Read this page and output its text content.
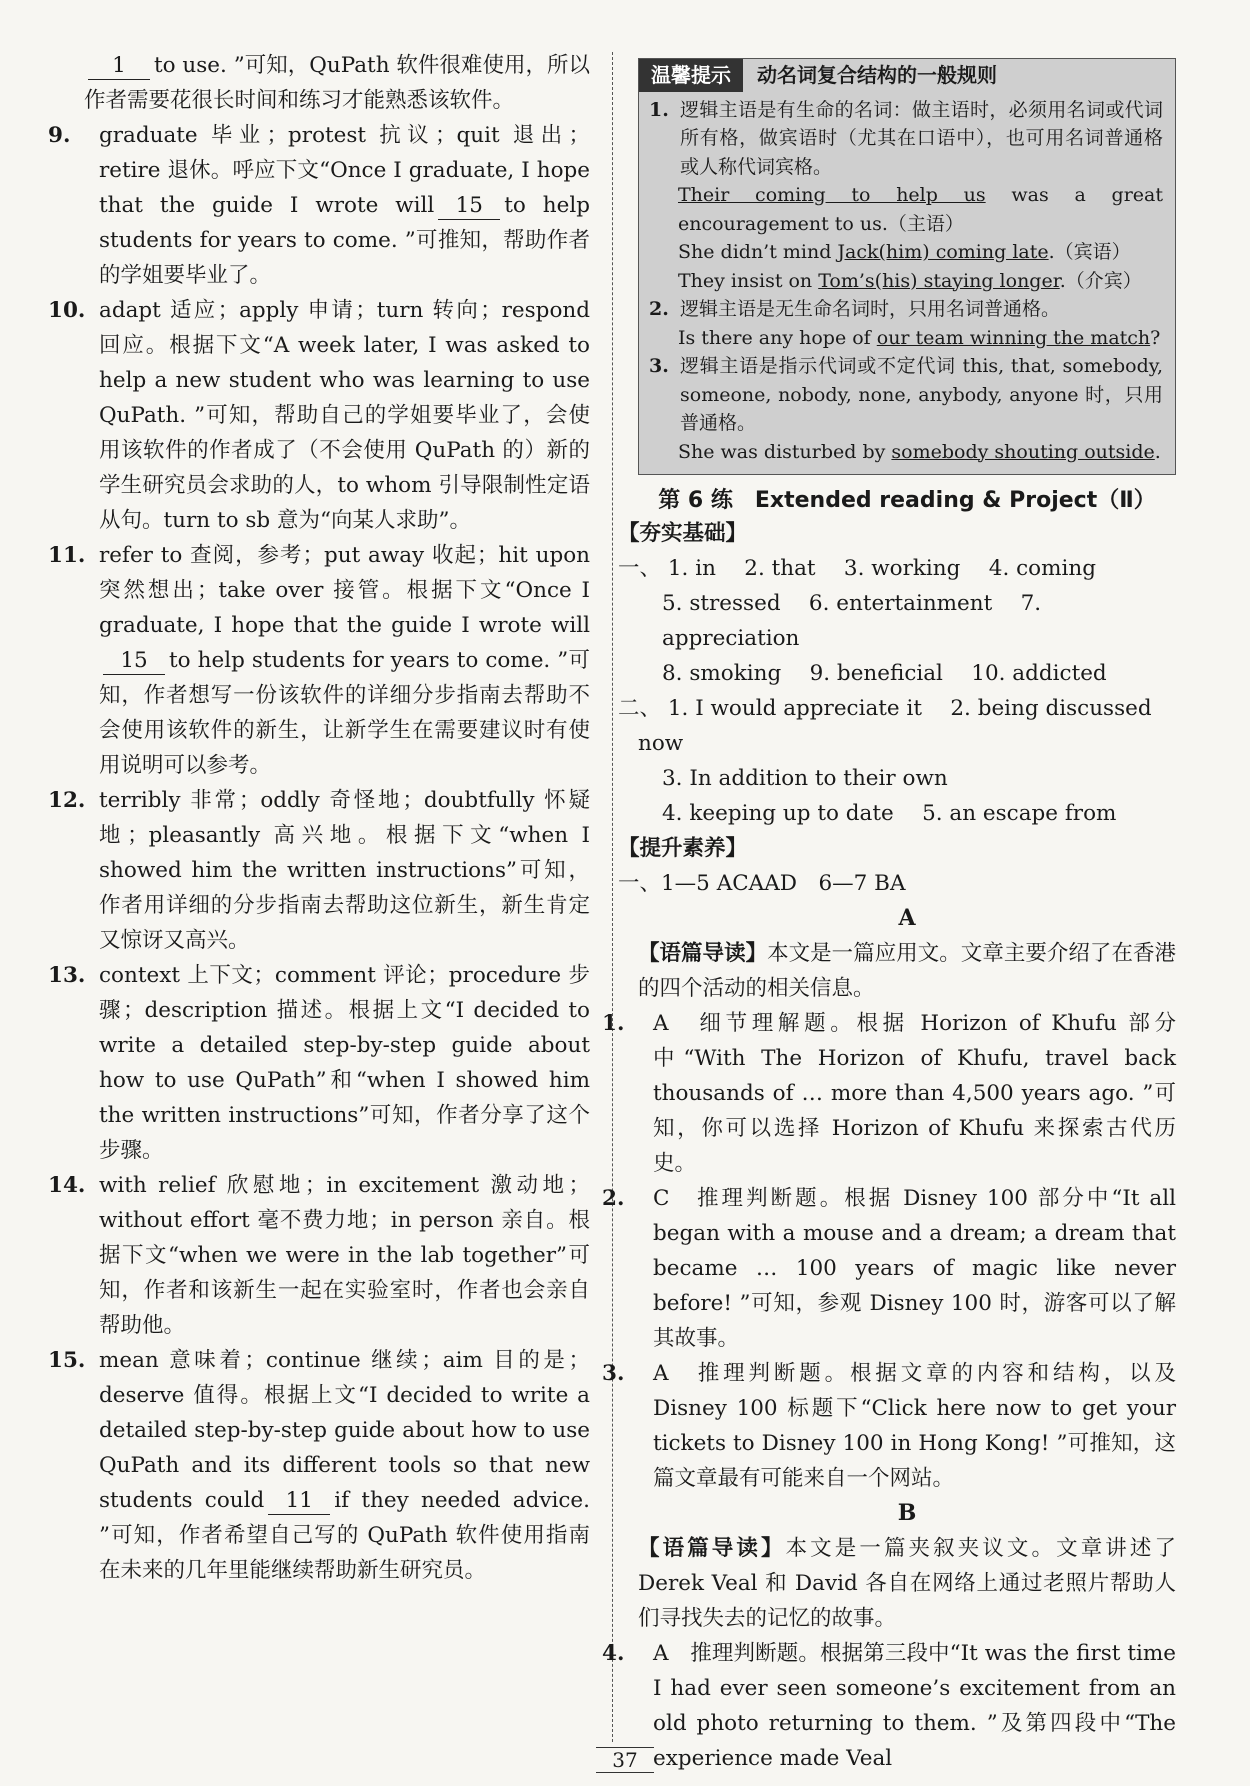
1 to use. ”可知，QuPath 软件很难使用，所以作者需要花很长时间和练习才能熟悉该软件。

9.	graduate 毕业；protest 抗议；quit 退出；retire 退休。呼应下文“Once I graduate, I hope that the guide I wrote will 15 to help students for years to come. ”可推知，帮助作者的学姐要毕业了。

10. adapt 适应；apply 申请；turn 转向；respond 回应。根据下文“A week later, I was asked to help a new student who was learning to use QuPath. ”可知，帮助自己的学姐要毕业了，会使用该软件的作者成了（不会使用 QuPath 的）新的学生研究员会求助的人，to whom 引导限制性定语从句。turn to sb 意为“向某人求助”。

11. refer to 查阅，参考；put away 收起；hit upon 突然想出；take over 接管。根据下文“Once I graduate, I hope that the guide I wrote will15 to help students for years to come. ”可知，作者想写一份该软件的详细分步指南去帮助不会使用该软件的新生，让新学生在需要建议时有使用说明可以参考。

12. terribly 非常；oddly 奇怪地；doubtfully 怀疑地；pleasantly 高兴地。根据下文“when I showed him the written instructions”可知，作者用详细的分步指南去帮助这位新生，新生肯定又惊讶又高兴。

13. context 上下文；comment 评论；procedure 步骤；description 描述。根据上文“I decided to write a detailed step-by-step guide about how to use QuPath”和“when I showed him the written instructions”可知，作者分享了这个步骤。

14. with relief 欣慰地；in excitement 激动地；without effort 毫不费力地；in person 亲自。根据下文“when we were in the lab together”可知，作者和该新生一起在实验室时，作者也会亲自帮助他。

15. mean 意味着；continue 继续；aim 目的是；deserve 值得。根据上文“I decided to write a detailed step-by-step guide about how to use QuPath and its different tools so that new students could 11 if they needed advice. ”可知，作者希望自己写的 QuPath 软件使用指南在未来的几年里能继续帮助新生研究员。

温馨提示	动名词复合结构的一般规则

1. 逻辑主语是有生命的名词：做主语时，必须用名词或代词所有格，做宾语时（尤其在口语中），也可用名词普通格或人称代词宾格。

Their coming to help us was a great encouragement to us.（主语）

She didn’t mind Jack(him) coming late.（宾语）

They insist on Tom’s(his) staying longer.（介宾）

2. 逻辑主语是无生命名词时，只用名词普通格。

Is there any hope of our team winning the match?

3. 逻辑主语是指示代词或不定代词 this, that, somebody, someone, nobody, none, anybody, anyone 时，只用普通格。

She was disturbed by somebody shouting outside.

第 6 练　Extended reading & Project（Ⅱ）
【夯实基础】
一、 1. in　 2. that　 3. working　 4. coming
5. stressed　 6. entertainment　 7. appreciation
8. smoking　 9. beneficial　 10. addicted
二、 1. I would appreciate it　 2. being discussed now
3. In addition to their own
4. keeping up to date　 5. an escape from
【提升素养】
一、1—5 ACAAD　6—7 BA
A

【语篇导读】本文是一篇应用文。文章主要介绍了在香港的四个活动的相关信息。

1.	A　细节理解题。根据 Horizon of Khufu 部分中“With The Horizon of Khufu, travel back thousands of … more than 4,500 years ago. ”可知，你可以选择 Horizon of Khufu 来探索古代历史。

2.	C　推理判断题。根据 Disney 100 部分中“It all began with a mouse and a dream; a dream that became … 100 years of magic like never before! ”可知，参观 Disney 100 时，游客可以了解其故事。

3.	A　推理判断题。根据文章的内容和结构，以及 Disney 100 标题下“Click here now to get your tickets to Disney 100 in Hong Kong! ”可推知，这篇文章最有可能来自一个网站。

B

【语篇导读】本文是一篇夹叙夹议文。文章讲述了 Derek Veal 和 David 各自在网络上通过老照片帮助人们寻找失去的记忆的故事。

4.	A　推理判断题。根据第三段中“It was the first time I had ever seen someone’s excitement from an old photo returning to them. ”及第四段中“The experience made Veal

37
